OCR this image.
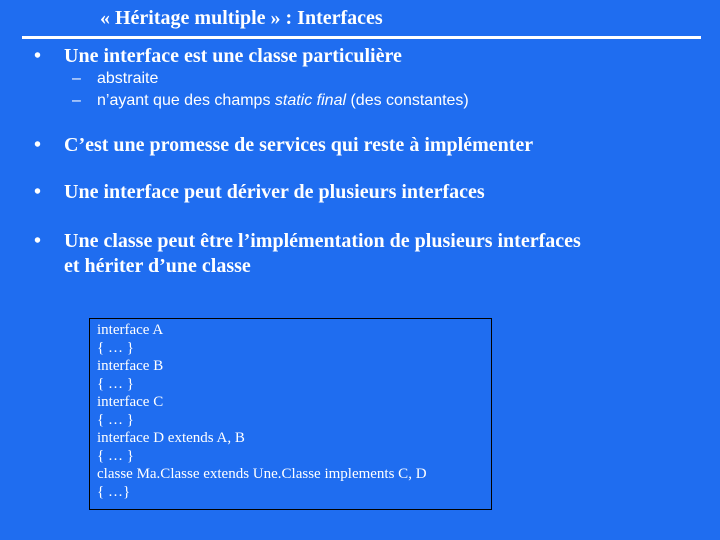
« Héritage multiple » : Interfaces
• Une interface est une classe particulière
– abstraite
– n’ayant que des champs static final (des constantes)
• C’est une promesse de services qui reste à implémenter
• Une interface peut dériver de plusieurs interfaces
• Une classe peut être l’implémentation de plusieurs interfaces
et hériter d’une classe
interface A
{ … }
interface B
{ … }
interface C
{ … }
interface D extends A, B
{ … }
classe Ma.Classe extends Une.Classe implements C, D
{ …}
